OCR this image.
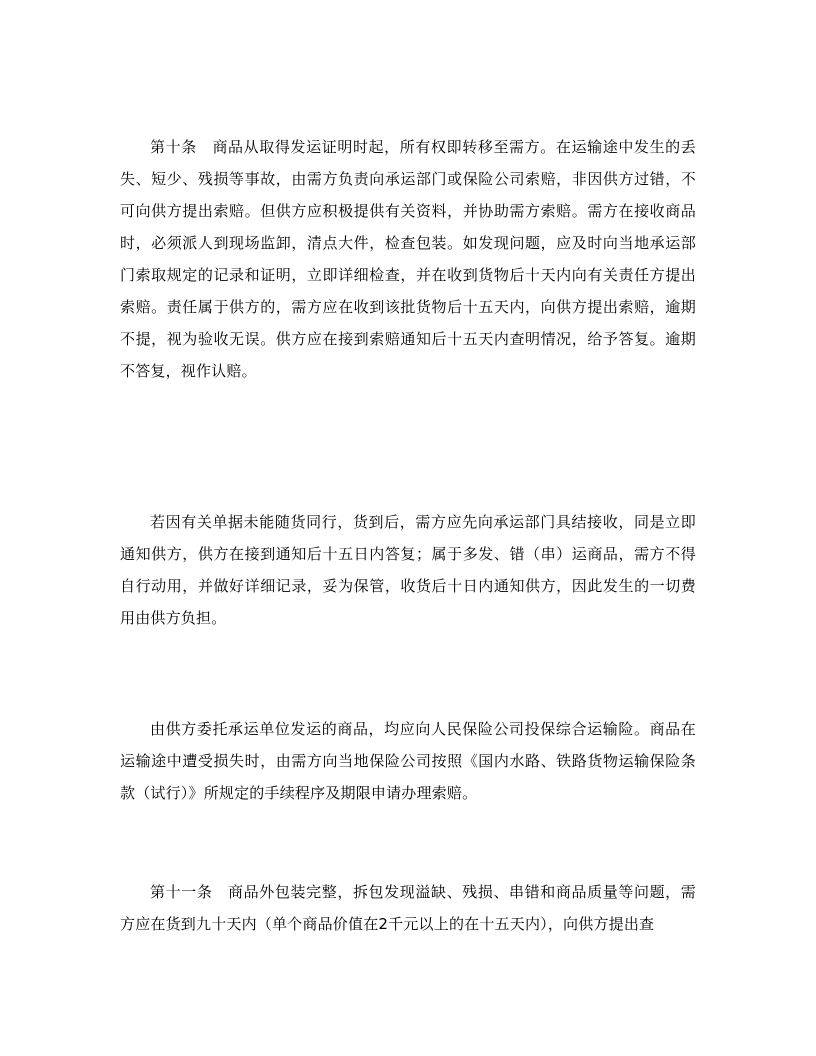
第十条　商品从取得发运证明时起，所有权即转移至需方。在运输途中发生的丢失、短少、残损等事故，由需方负责向承运部门或保险公司索赔，非因供方过错，不可向供方提出索赔。但供方应积极提供有关资料，并协助需方索赔。需方在接收商品时，必须派人到现场监卸，清点大件，检查包装。如发现问题，应及时向当地承运部门索取规定的记录和证明，立即详细检查，并在收到货物后十天内向有关责任方提出索赔。责任属于供方的，需方应在收到该批货物后十五天内，向供方提出索赔，逾期不提，视为验收无误。供方应在接到索赔通知后十五天内查明情况，给予答复。逾期不答复，视作认赔。

若因有关单据未能随货同行，货到后，需方应先向承运部门具结接收，同是立即通知供方，供方在接到通知后十五日内答复；属于多发、错（串）运商品，需方不得自行动用，并做好详细记录，妥为保管，收货后十日内通知供方，因此发生的一切费用由供方负担。

由供方委托承运单位发运的商品，均应向人民保险公司投保综合运输险。商品在运输途中遭受损失时，由需方向当地保险公司按照《国内水路、铁路货物运输保险条款（试行）》所规定的手续程序及期限申请办理索赔。

第十一条　商品外包装完整，拆包发现溢缺、残损、串错和商品质量等问题，需方应在货到九十天内（单个商品价值在2千元以上的在十五天内），向供方提出查
